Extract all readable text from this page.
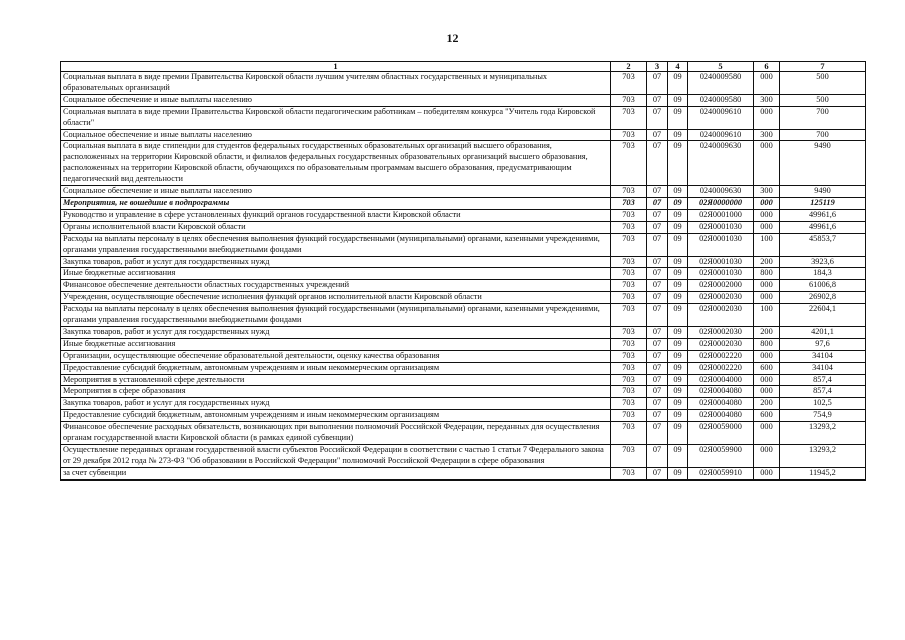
12
1	2	3	4	5	6	7
Социальная выплата в виде премии Правительства Кировской области лучшим учителям областных государственных и муниципальных образовательных организаций	703	07	09	0240009580	000	500
Социальное обеспечение и иные выплаты населению	703	07	09	0240009580	300	500
Социальная выплата в виде премии Правительства Кировской области педагогическим работникам – победителям конкурса "Учитель года Кировской области"	703	07	09	0240009610	000	700
Социальное обеспечение и иные выплаты населению	703	07	09	0240009610	300	700
Социальная выплата в виде стипендии для студентов федеральных государственных образовательных организаций высшего образования, расположенных на территории Кировской области, и филиалов федеральных государственных образовательных организаций высшего образования, расположенных на территории Кировской области, обучающихся по образовательным программам высшего образования, предусматривающим педагогический вид деятельности	703	07	09	0240009630	000	9490
Социальное обеспечение и иные выплаты населению	703	07	09	0240009630	300	9490
Мероприятия, не вошедшие в подпрограммы	703	07	09	02Я0000000	000	125119
Руководство и управление в сфере установленных функций органов государственной власти Кировской области	703	07	09	02Я0001000	000	49961,6
Органы исполнительной власти Кировской области	703	07	09	02Я0001030	000	49961,6
Расходы на выплаты персоналу в целях обеспечения выполнения функций государственными (муниципальными) органами, казенными учреждениями, органами управления государственными внебюджетными фондами	703	07	09	02Я0001030	100	45853,7
Закупка товаров, работ и услуг для государственных нужд	703	07	09	02Я0001030	200	3923,6
Иные бюджетные ассигнования	703	07	09	02Я0001030	800	184,3
Финансовое обеспечение деятельности областных государственных учреждений	703	07	09	02Я0002000	000	61006,8
Учреждения, осуществляющие обеспечение исполнения функций органов исполнительной власти Кировской области	703	07	09	02Я0002030	000	26902,8
Расходы на выплаты персоналу в целях обеспечения выполнения функций государственными (муниципальными) органами, казенными учреждениями, органами управления государственными внебюджетными фондами	703	07	09	02Я0002030	100	22604,1
Закупка товаров, работ и услуг для государственных нужд	703	07	09	02Я0002030	200	4201,1
Иные бюджетные ассигнования	703	07	09	02Я0002030	800	97,6
Организации, осуществляющие обеспечение образовательной деятельности, оценку качества образования	703	07	09	02Я0002220	000	34104
Предоставление субсидий бюджетным, автономным учреждениям и иным некоммерческим организациям	703	07	09	02Я0002220	600	34104
Мероприятия в установленной сфере деятельности	703	07	09	02Я0004000	000	857,4
Мероприятия в сфере образования	703	07	09	02Я0004080	000	857,4
Закупка товаров, работ и услуг для государственных нужд	703	07	09	02Я0004080	200	102,5
Предоставление субсидий бюджетным, автономным учреждениям и иным некоммерческим организациям	703	07	09	02Я0004080	600	754,9
Финансовое обеспечение расходных обязательств, возникающих при выполнении полномочий Российской Федерации, переданных для осуществления органам государственной власти Кировской области (в рамках единой субвенции)	703	07	09	02Я0059000	000	13293,2
Осуществление переданных органам государственной власти субъектов Российской Федерации в соответствии с частью 1 статьи 7 Федерального закона от 29 декабря 2012 года № 273-ФЗ "Об образовании в Российской Федерации" полномочий Российской Федерации в сфере образования	703	07	09	02Я0059900	000	13293,2
за счет субвенции	703	07	09	02Я0059910	000	11945,2
